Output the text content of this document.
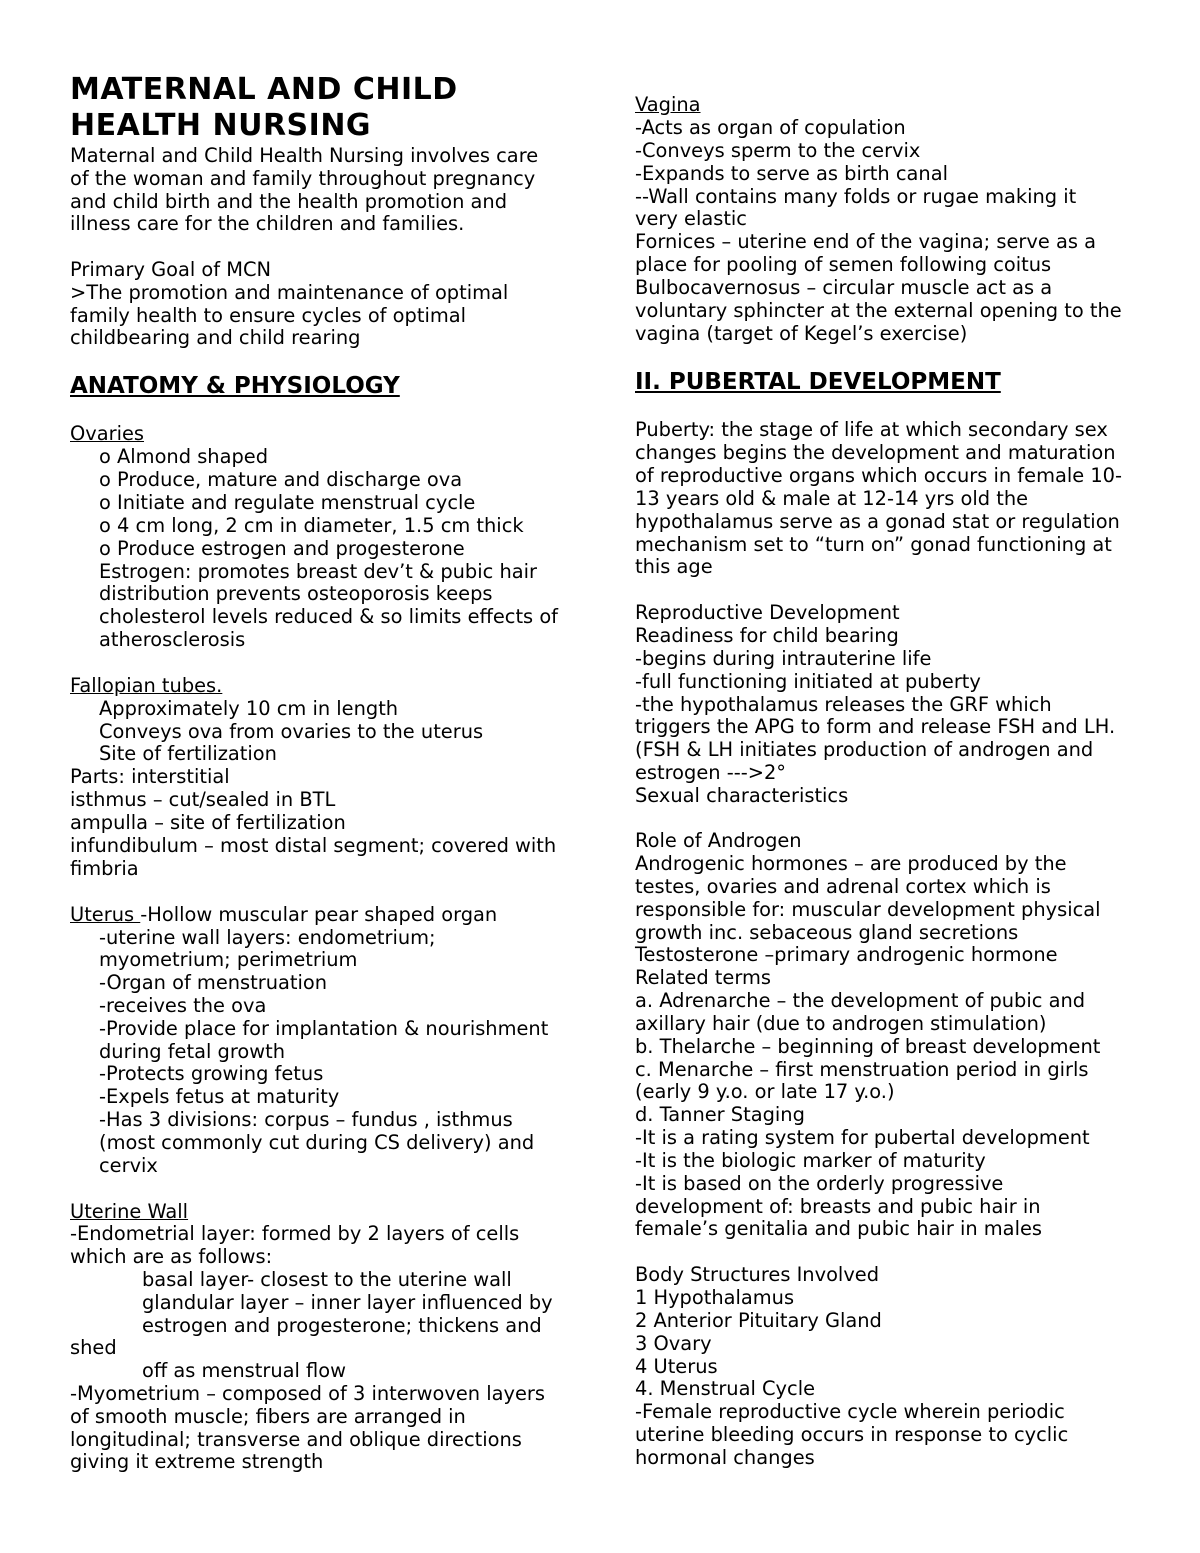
MATERNAL AND CHILD
HEALTH NURSING
Maternal and Child Health Nursing involves care
of the woman and family throughout pregnancy
and child birth and the health promotion and
illness care for the children and families.
Primary Goal of MCN
>The promotion and maintenance of optimal
family health to ensure cycles of optimal
childbearing and child rearing
ANATOMY & PHYSIOLOGY
Ovaries
o Almond shaped
o Produce, mature and discharge ova
o Initiate and regulate menstrual cycle
o 4 cm long, 2 cm in diameter, 1.5 cm thick
o Produce estrogen and progesterone
Estrogen: promotes breast dev’t & pubic hair
distribution prevents osteoporosis keeps
cholesterol levels reduced & so limits effects of
atherosclerosis
Fallopian tubes.
Approximately 10 cm in length
Conveys ova from ovaries to the uterus
Site of fertilization
Parts: interstitial
isthmus – cut/sealed in BTL
ampulla – site of fertilization
infundibulum – most distal segment; covered with
fimbria
Uterus -Hollow muscular pear shaped organ
-uterine wall layers: endometrium;
myometrium; perimetrium
-Organ of menstruation
-receives the ova
-Provide place for implantation & nourishment
during fetal growth
-Protects growing fetus
-Expels fetus at maturity
-Has 3 divisions: corpus – fundus , isthmus
(most commonly cut during CS delivery) and
cervix
Uterine Wall
-Endometrial layer: formed by 2 layers of cells
which are as follows:
basal layer- closest to the uterine wall
glandular layer – inner layer influenced by
estrogen and progesterone; thickens and
shed
off as menstrual flow
-Myometrium – composed of 3 interwoven layers
of smooth muscle; fibers are arranged in
longitudinal; transverse and oblique directions
giving it extreme strength
Vagina
-Acts as organ of copulation
-Conveys sperm to the cervix
-Expands to serve as birth canal
--Wall contains many folds or rugae making it
very elastic
Fornices – uterine end of the vagina; serve as a
place for pooling of semen following coitus
Bulbocavernosus – circular muscle act as a
voluntary sphincter at the external opening to the
vagina (target of Kegel’s exercise)
II. PUBERTAL DEVELOPMENT
Puberty: the stage of life at which secondary sex
changes begins the development and maturation
of reproductive organs which occurs in female 10-
13 years old & male at 12-14 yrs old the
hypothalamus serve as a gonad stat or regulation
mechanism set to “turn on” gonad functioning at
this age
Reproductive Development
Readiness for child bearing
-begins during intrauterine life
-full functioning initiated at puberty
-the hypothalamus releases the GRF which
triggers the APG to form and release FSH and LH.
(FSH & LH initiates production of androgen and
estrogen --->2°
Sexual characteristics
Role of Androgen
Androgenic hormones – are produced by the
testes, ovaries and adrenal cortex which is
responsible for: muscular development physical
growth inc. sebaceous gland secretions
Testosterone –primary androgenic hormone
Related terms
a. Adrenarche – the development of pubic and
axillary hair (due to androgen stimulation)
b. Thelarche – beginning of breast development
c. Menarche – first menstruation period in girls
(early 9 y.o. or late 17 y.o.)
d. Tanner Staging
-It is a rating system for pubertal development
-It is the biologic marker of maturity
-It is based on the orderly progressive
development of: breasts and pubic hair in
female’s genitalia and pubic hair in males
Body Structures Involved
1 Hypothalamus
2 Anterior Pituitary Gland
3 Ovary
4 Uterus
4. Menstrual Cycle
-Female reproductive cycle wherein periodic
uterine bleeding occurs in response to cyclic
hormonal changes
